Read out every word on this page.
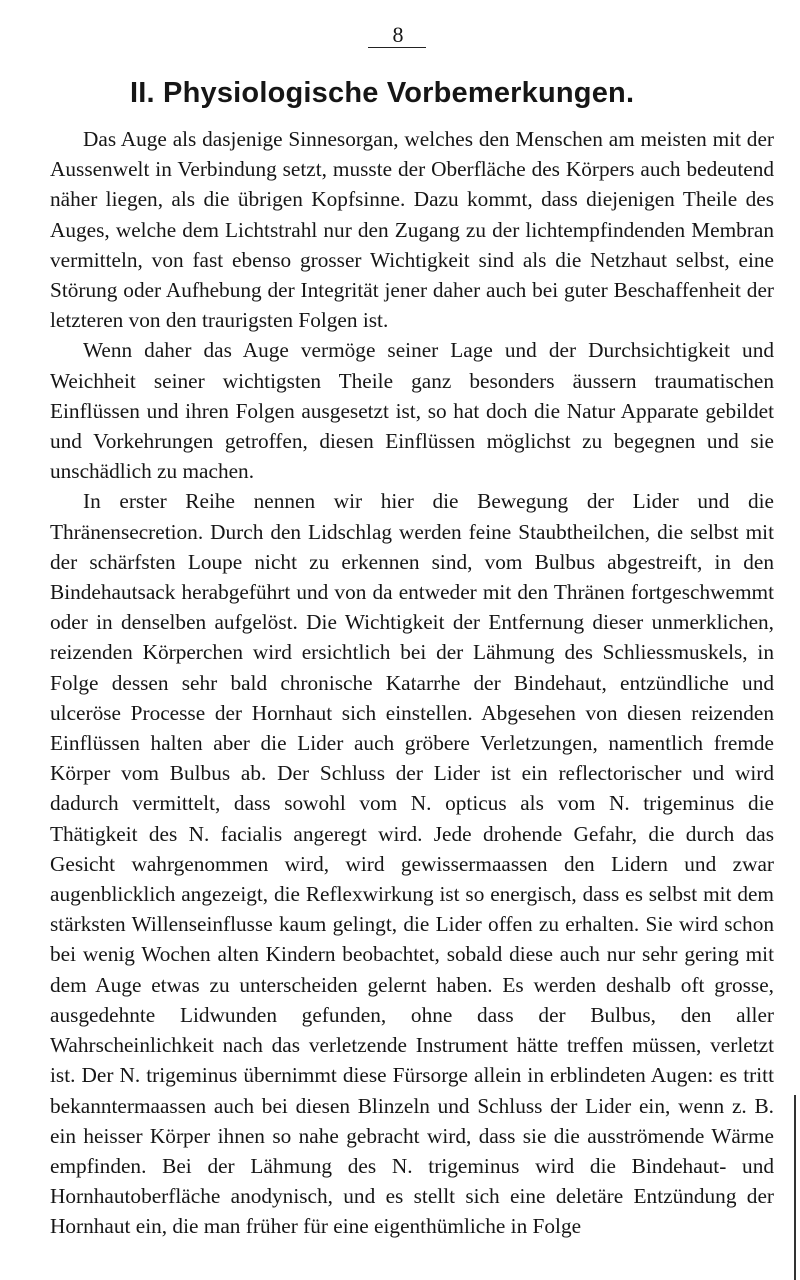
8
II. Physiologische Vorbemerkungen.

Das Auge als dasjenige Sinnesorgan, welches den Menschen am meisten mit der Aussenwelt in Verbindung setzt, musste der Oberfläche des Körpers auch bedeutend näher liegen, als die übrigen Kopfsinne. Dazu kommt, dass diejenigen Theile des Auges, welche dem Lichtstrahl nur den Zugang zu der lichtempfindenden Membran vermitteln, von fast ebenso grosser Wichtigkeit sind als die Netzhaut selbst, eine Störung oder Aufhebung der Integrität jener daher auch bei guter Beschaffenheit der letzteren von den traurigsten Folgen ist.

Wenn daher das Auge vermöge seiner Lage und der Durchsichtigkeit und Weichheit seiner wichtigsten Theile ganz besonders äussern traumatischen Einflüssen und ihren Folgen ausgesetzt ist, so hat doch die Natur Apparate gebildet und Vorkehrungen getroffen, diesen Einflüssen möglichst zu begegnen und sie unschädlich zu machen.

In erster Reihe nennen wir hier die Bewegung der Lider und die Thränensecretion. Durch den Lidschlag werden feine Staubtheilchen, die selbst mit der schärfsten Loupe nicht zu erkennen sind, vom Bulbus abgestreift, in den Bindehautsack herabgeführt und von da entweder mit den Thränen fortgeschwemmt oder in denselben aufgelöst. Die Wichtigkeit der Entfernung dieser unmerklichen, reizenden Körperchen wird ersichtlich bei der Lähmung des Schliessmuskels, in Folge dessen sehr bald chronische Katarrhe der Bindehaut, entzündliche und ulceröse Processe der Hornhaut sich einstellen. Abgesehen von diesen reizenden Einflüssen halten aber die Lider auch gröbere Verletzungen, namentlich fremde Körper vom Bulbus ab. Der Schluss der Lider ist ein reflectorischer und wird dadurch vermittelt, dass sowohl vom N. opticus als vom N. trigeminus die Thätigkeit des N. facialis angeregt wird. Jede drohende Gefahr, die durch das Gesicht wahrgenommen wird, wird gewissermaassen den Lidern und zwar augenblicklich angezeigt, die Reflexwirkung ist so energisch, dass es selbst mit dem stärksten Willenseinflusse kaum gelingt, die Lider offen zu erhalten. Sie wird schon bei wenig Wochen alten Kindern beobachtet, sobald diese auch nur sehr gering mit dem Auge etwas zu unterscheiden gelernt haben. Es werden deshalb oft grosse, ausgedehnte Lidwunden gefunden, ohne dass der Bulbus, den aller Wahrscheinlichkeit nach das verletzende Instrument hätte treffen müssen, verletzt ist. Der N. trigeminus übernimmt diese Fürsorge allein in erblindeten Augen: es tritt bekanntermaassen auch bei diesen Blinzeln und Schluss der Lider ein, wenn z. B. ein heisser Körper ihnen so nahe gebracht wird, dass sie die ausströmende Wärme empfinden. Bei der Lähmung des N. trigeminus wird die Bindehaut- und Hornhautoberfläche anodynisch, und es stellt sich eine deletäre Entzündung der Hornhaut ein, die man früher für eine eigenthümliche in Folge
